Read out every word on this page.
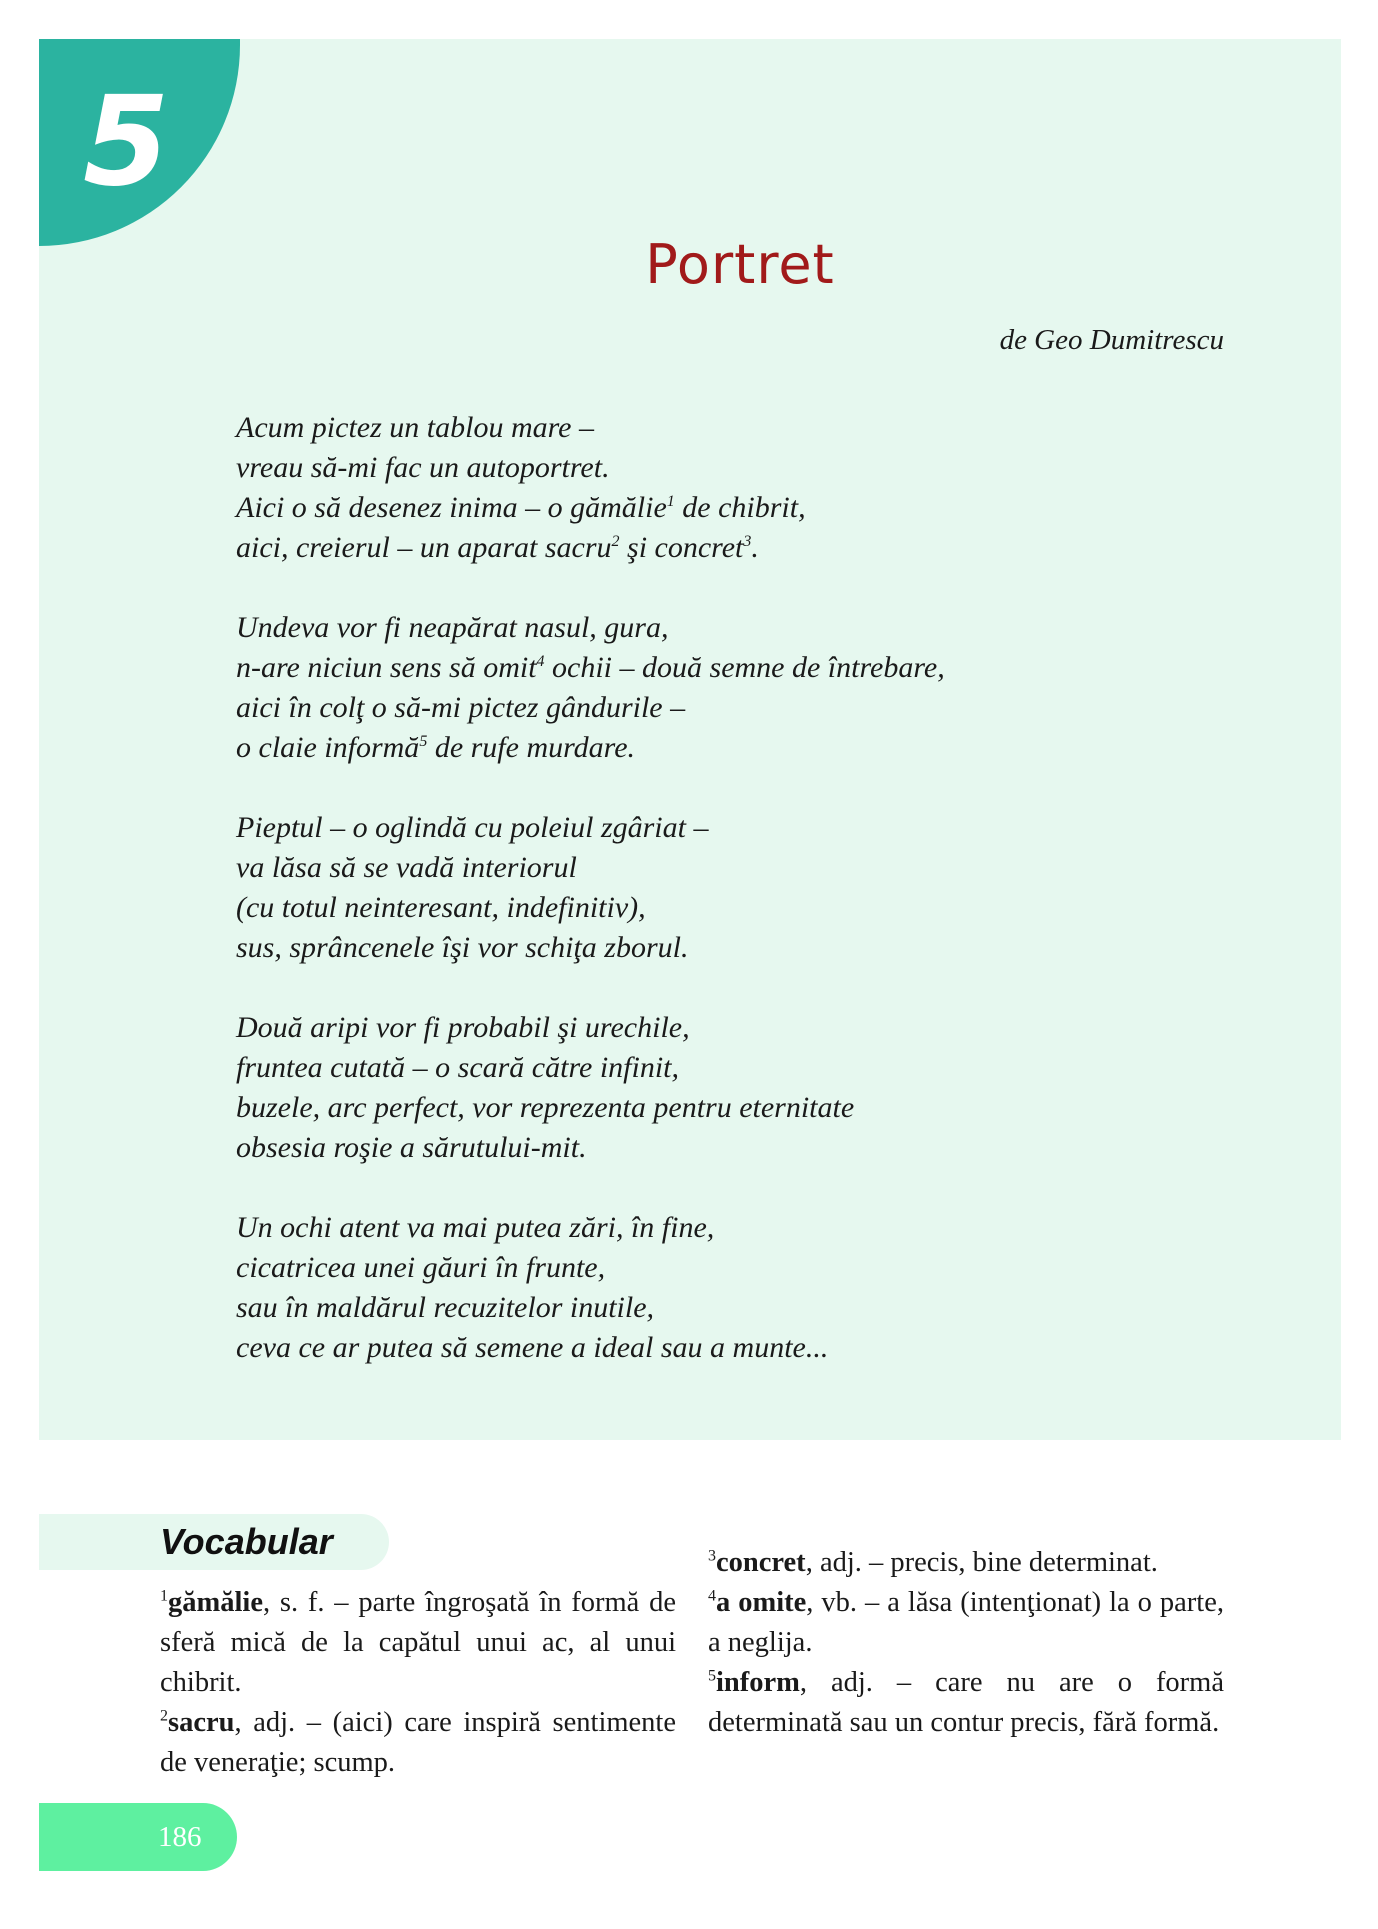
5

Portret

de Geo Dumitrescu

Acum pictez un tablou mare –
vreau să-mi fac un autoportret.
Aici o să desenez inima – o gămălie$^1$ de chibrit,
aici, creierul – un aparat sacru$^2$ şi concret$^3$.
Undeva vor fi neapărat nasul, gura,
n-are niciun sens să omit$^4$ ochii – două semne de întrebare,
aici în colţ o să-mi pictez gândurile –
o claie informă$^5$ de rufe murdare.
Pieptul – o oglindă cu poleiul zgâriat –
va lăsa să se vadă interiorul
(cu totul neinteresant, indefinitiv),
sus, sprâncenele îşi vor schiţa zborul.
Două aripi vor fi probabil şi urechile,
fruntea cutată – o scară către infinit,
buzele, arc perfect, vor reprezenta pentru eternitate
obsesia roşie a sărutului-mit.
Un ochi atent va mai putea zări, în fine,
cicatricea unei găuri în frunte,
sau în maldărul recuzitelor inutile,
ceva ce ar putea să semene a ideal sau a munte...
Vocabular

$^1$gămălie, s. f. – parte îngroşată în formă de sferă mică de la capătul unui ac, al unui chibrit.

$^2$sacru, adj. – (aici) care inspiră sentimente de veneraţie; scump.

$^3$concret, adj. – precis, bine determinat.

$^4$a omite, vb. – a lăsa (intenţionat) la o parte, a neglija.

$^5$inform, adj. – care nu are o formă determinată sau un contur precis, fără formă.

186
